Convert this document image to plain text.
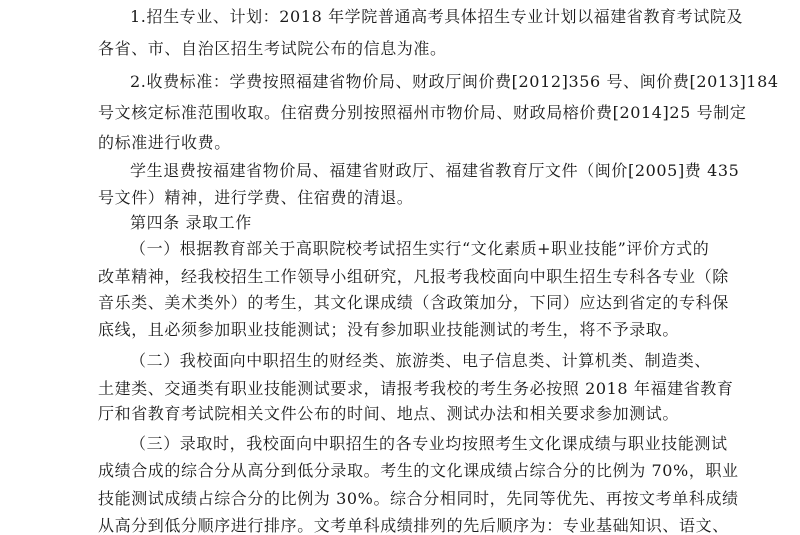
1.招生专业、计划：2018 年学院普通高考具体招生专业计划以福建省教育考试院及
各省、市、自治区招生考试院公布的信息为准。
2.收费标准：学费按照福建省物价局、财政厅闽价费[2012]356 号、闽价费[2013]184
号文核定标准范围收取。住宿费分别按照福州市物价局、财政局榕价费[2014]25 号制定
的标准进行收费。
学生退费按福建省物价局、福建省财政厅、福建省教育厅文件（闽价[2005]费 435
号文件）精神，进行学费、住宿费的清退。
第四条 录取工作
（一）根据教育部关于高职院校考试招生实行“文化素质+职业技能”评价方式的
改革精神，经我校招生工作领导小组研究，凡报考我校面向中职生招生专科各专业（除
音乐类、美术类外）的考生，其文化课成绩（含政策加分，下同）应达到省定的专科保
底线，且必须参加职业技能测试；没有参加职业技能测试的考生，将不予录取。
（二）我校面向中职招生的财经类、旅游类、电子信息类、计算机类、制造类、
土建类、交通类有职业技能测试要求，请报考我校的考生务必按照 2018 年福建省教育
厅和省教育考试院相关文件公布的时间、地点、测试办法和相关要求参加测试。
（三）录取时，我校面向中职招生的各专业均按照考生文化课成绩与职业技能测试
成绩合成的综合分从高分到低分录取。考生的文化课成绩占综合分的比例为 70%，职业
技能测试成绩占综合分的比例为 30%。综合分相同时，先同等优先、再按文考单科成绩
从高分到低分顺序进行排序。文考单科成绩排列的先后顺序为：专业基础知识、语文、
